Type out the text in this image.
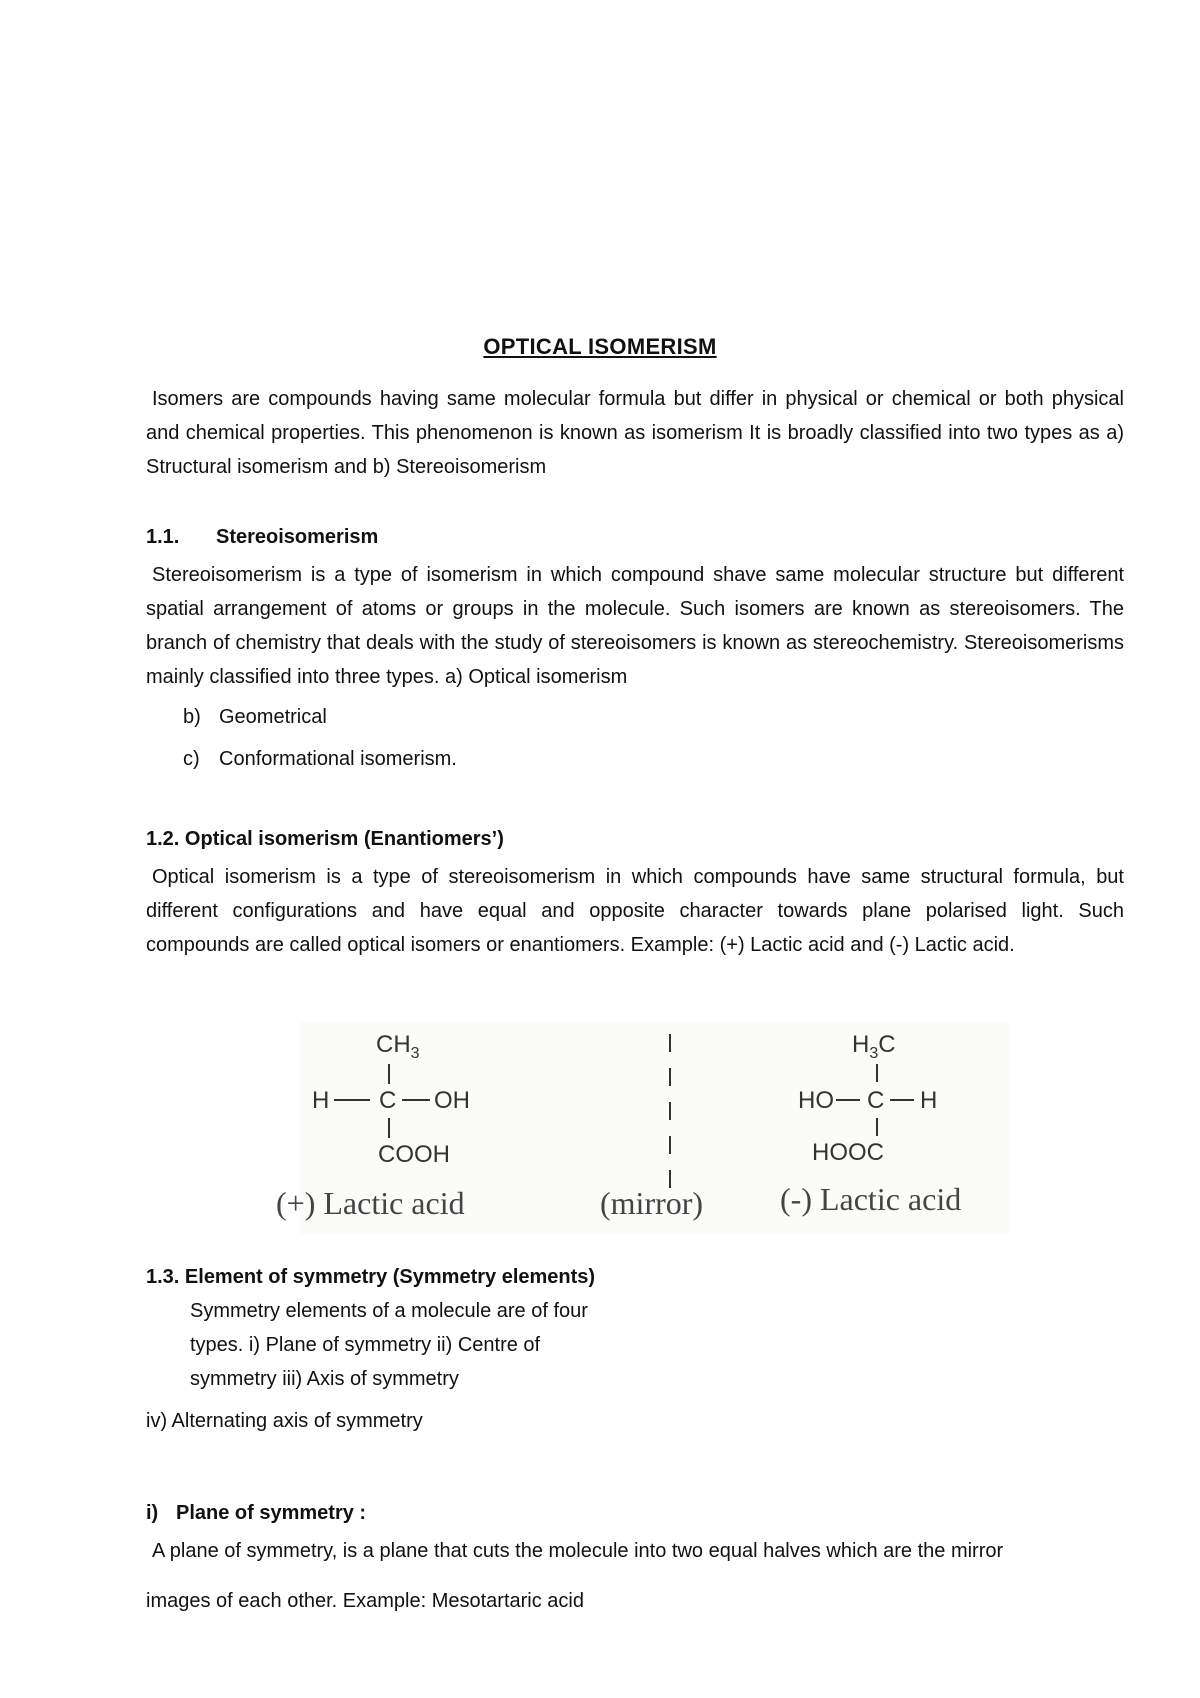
OPTICAL ISOMERISM
Isomers are compounds having same molecular formula but differ in physical or chemical or both physical and chemical properties. This phenomenon is known as isomerism It is broadly classified into two types as a) Structural isomerism and b) Stereoisomerism
1.1. Stereoisomerism
Stereoisomerism is a type of isomerism in which compound shave same molecular structure but different spatial arrangement of atoms or groups in the molecule. Such isomers are known as stereoisomers. The branch of chemistry that deals with the study of stereoisomers is known as stereochemistry. Stereoisomerisms mainly classified into three types. a) Optical isomerism
b) Geometrical
c) Conformational isomerism.
1.2. Optical isomerism (Enantiomers’)
Optical isomerism is a type of stereoisomerism in which compounds have same structural formula, but different configurations and have equal and opposite character towards plane polarised light. Such compounds are called optical isomers or enantiomers. Example: (+) Lactic acid and (-) Lactic acid.
$CH_3$
H C OH
COOH
(+) Lactic acid	(mirror)
$H_3C$
HO C H
HOOC
(-) Lactic acid
1.3. Element of symmetry (Symmetry elements)
Symmetry elements of a molecule are of four
types. i) Plane of symmetry ii) Centre of
symmetry iii) Axis of symmetry
iv) Alternating axis of symmetry
i) Plane of symmetry :
A plane of symmetry, is a plane that cuts the molecule into two equal halves which are the mirror
images of each other. Example: Mesotartaric acid
